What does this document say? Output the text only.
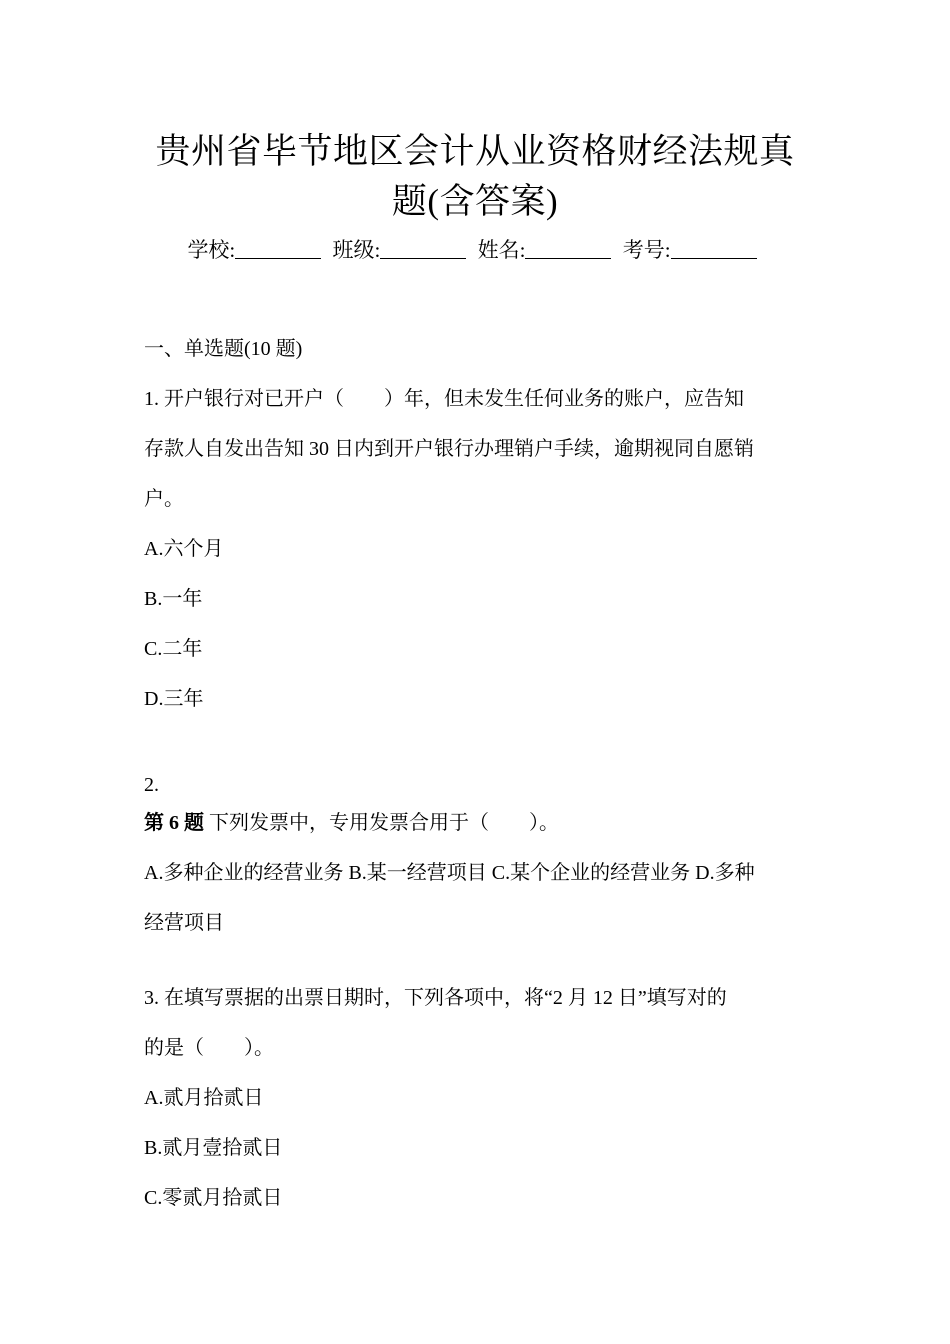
贵州省毕节地区会计从业资格财经法规真
题(含答案)
学校:	班级:	姓名:	考号:
一、单选题(10 题)
1. 开户银行对已开户（　　）年，但未发生任何业务的账户，应告知
存款人自发出告知 30 日内到开户银行办理销户手续，逾期视同自愿销
户。
A.六个月
B.一年
C.二年
D.三年
2.
第 6 题 下列发票中，专用发票合用于（　　）。
A.多种企业的经营业务 B.某一经营项目 C.某个企业的经营业务 D.多种
经营项目
3. 在填写票据的出票日期时，下列各项中，将“2 月 12 日”填写对的
的是（　　）。
A.贰月拾贰日
B.贰月壹拾贰日
C.零贰月拾贰日
